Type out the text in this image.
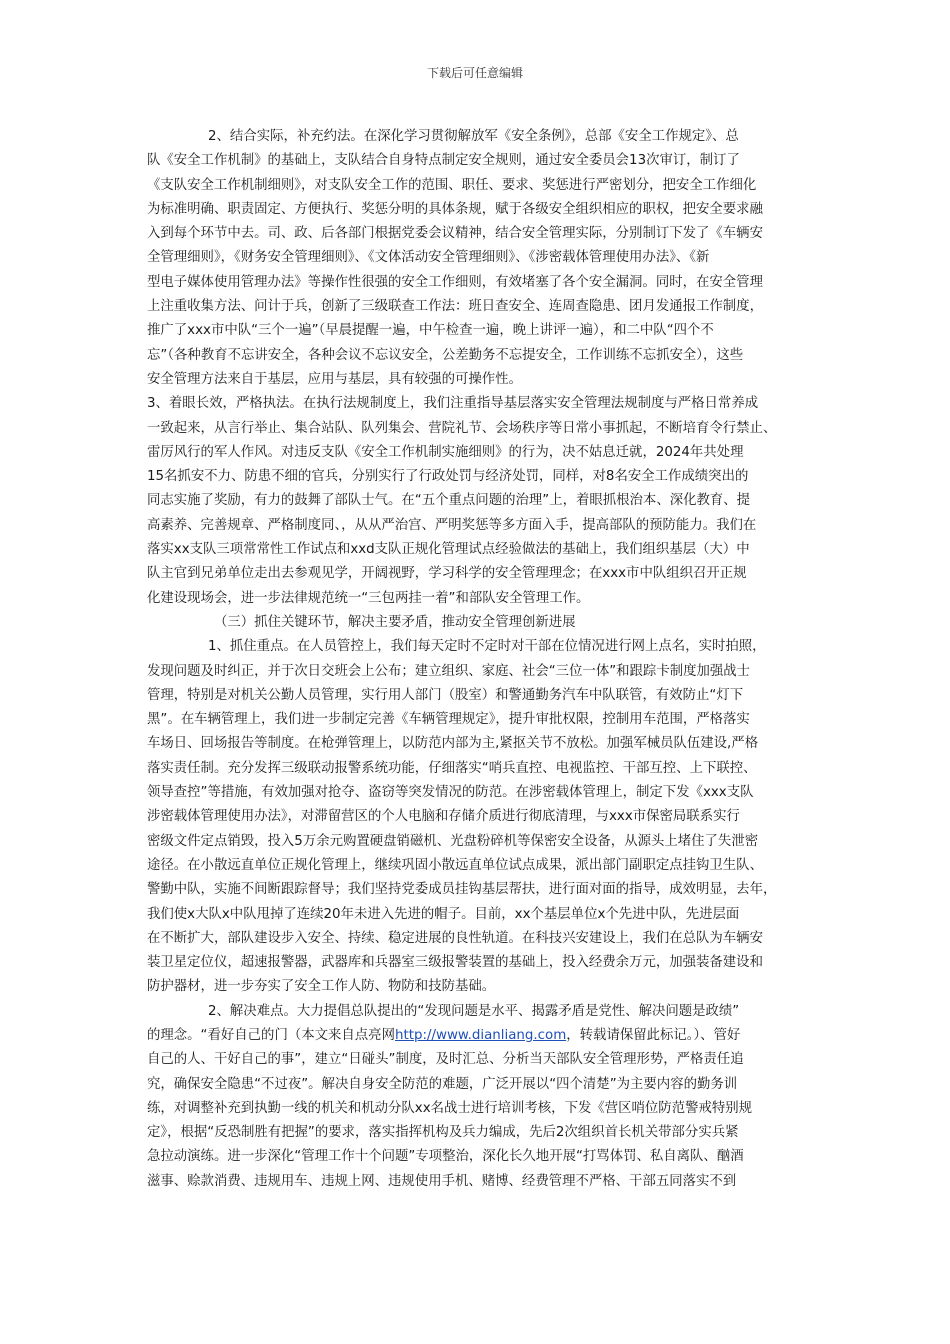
下载后可任意编辑
2、结合实际，补充约法。在深化学习贯彻解放军《安全条例》，总部《安全工作规定》、总
队《安全工作机制》的基础上，支队结合自身特点制定安全规则，通过安全委员会13次审订，制订了
《支队安全工作机制细则》，对支队安全工作的范围、职任、要求、奖惩进行严密划分，把安全工作细化
为标准明确、职责固定、方便执行、奖惩分明的具体条规，赋于各级安全组织相应的职权，把安全要求融
入到每个环节中去。司、政、后各部门根据党委会议精神，结合安全管理实际，分别制订下发了《车辆安
全管理细则》，《财务安全管理细则》、《文体活动安全管理细则》、《涉密载体管理使用办法》、《新
型电子媒体使用管理办法》等操作性很强的安全工作细则，有效堵塞了各个安全漏洞。同时，在安全管理
上注重收集方法、问计于兵，创新了三级联查工作法：班日查安全、连周查隐患、团月发通报工作制度，
推广了xxx市中队“三个一遍”（早晨提醒一遍，中午检查一遍，晚上讲评一遍），和二中队“四个不
忘”（各种教育不忘讲安全，各种会议不忘议安全，公差勤务不忘提安全，工作训练不忘抓安全），这些
安全管理方法来自于基层，应用与基层，具有较强的可操作性。
3、着眼长效，严格执法。在执行法规制度上，我们注重指导基层落实安全管理法规制度与严格日常养成
一致起来，从言行举止、集合站队、队列集会、营院礼节、会场秩序等日常小事抓起，不断培育令行禁止、
雷厉风行的军人作风。对违反支队《安全工作机制实施细则》的行为，决不姑息迁就，2024年共处理
15名抓安不力、防患不细的官兵，分别实行了行政处罚与经济处罚，同样，对8名安全工作成绩突出的
同志实施了奖励，有力的鼓舞了部队士气。在“五个重点问题的治理”上，着眼抓根治本、深化教育、提
高素养、完善规章、严格制度同、，从从严治宫、严明奖惩等多方面入手，提高部队的预防能力。我们在
落实xx支队三项常常性工作试点和xxd支队正规化管理试点经验做法的基础上，我们组织基层（大）中
队主官到兄弟单位走出去参观见学，开阔视野，学习科学的安全管理理念；在xxx市中队组织召开正规
化建设现场会，进一步法律规范统一“三包两挂一着”和部队安全管理工作。
（三）抓住关键环节，解决主要矛盾，推动安全管理创新进展
1、抓住重点。在人员管控上，我们每天定时不定时对干部在位情况进行网上点名，实时拍照，
发现问题及时纠正，并于次日交班会上公布；建立组织、家庭、社会“三位一体”和跟踪卡制度加强战士
管理，特别是对机关公勤人员管理，实行用人部门（股室）和警通勤务汽车中队联管，有效防止“灯下
黑”。在车辆管理上，我们进一步制定完善《车辆管理规定》，提升审批权限，控制用车范围，严格落实
车场日、回场报告等制度。在枪弹管理上，以防范内部为主,紧抠关节不放松。加强军械员队伍建设,严格
落实责任制。充分发挥三级联动报警系统功能，仔细落实“哨兵直控、电视监控、干部互控、上下联控、
领导查控”等措施，有效加强对抢夺、盗窃等突发情况的防范。在涉密载体管理上，制定下发《xxx支队
涉密载体管理使用办法》，对滞留营区的个人电脑和存储介质进行彻底清理，与xxx市保密局联系实行
密级文件定点销毁，投入5万余元购置硬盘销磁机、光盘粉碎机等保密安全设备，从源头上堵住了失泄密
途径。在小散远直单位正规化管理上，继续巩固小散远直单位试点成果，派出部门副职定点挂钩卫生队、
警勤中队，实施不间断跟踪督导；我们坚持党委成员挂钩基层帮扶，进行面对面的指导，成效明显，去年，
我们使x大队x中队甩掉了连续20年未进入先进的帽子。目前，xx个基层单位x个先进中队，先进层面
在不断扩大，部队建设步入安全、持续、稳定进展的良性轨道。在科技兴安建设上，我们在总队为车辆安
装卫星定位仪，超速报警器，武器库和兵器室三级报警装置的基础上，投入经费余万元，加强装备建设和
防护器材，进一步夯实了安全工作人防、物防和技防基础。
2、解决难点。大力提倡总队提出的“发现问题是水平、揭露矛盾是党性、解决问题是政绩”
的理念。“看好自己的门（本文来自点亮网http://www.dianliang.com，转载请保留此标记。）、管好
自己的人、干好自己的事”，建立“日碰头”制度，及时汇总、分析当天部队安全管理形势，严格责任追
究，确保安全隐患“不过夜”。解决自身安全防范的难题，广泛开展以“四个清楚”为主要内容的勤务训
练，对调整补充到执勤一线的机关和机动分队xx名战士进行培训考核，下发《营区哨位防范警戒特别规
定》，根据“反恐制胜有把握”的要求，落实指挥机构及兵力编成，先后2次组织首长机关带部分实兵紧
急拉动演练。进一步深化“管理工作十个问题”专项整治，深化长久地开展“打骂体罚、私自离队、酗酒
滋事、赊款消费、违规用车、违规上网、违规使用手机、赌博、经费管理不严格、干部五同落实不到
